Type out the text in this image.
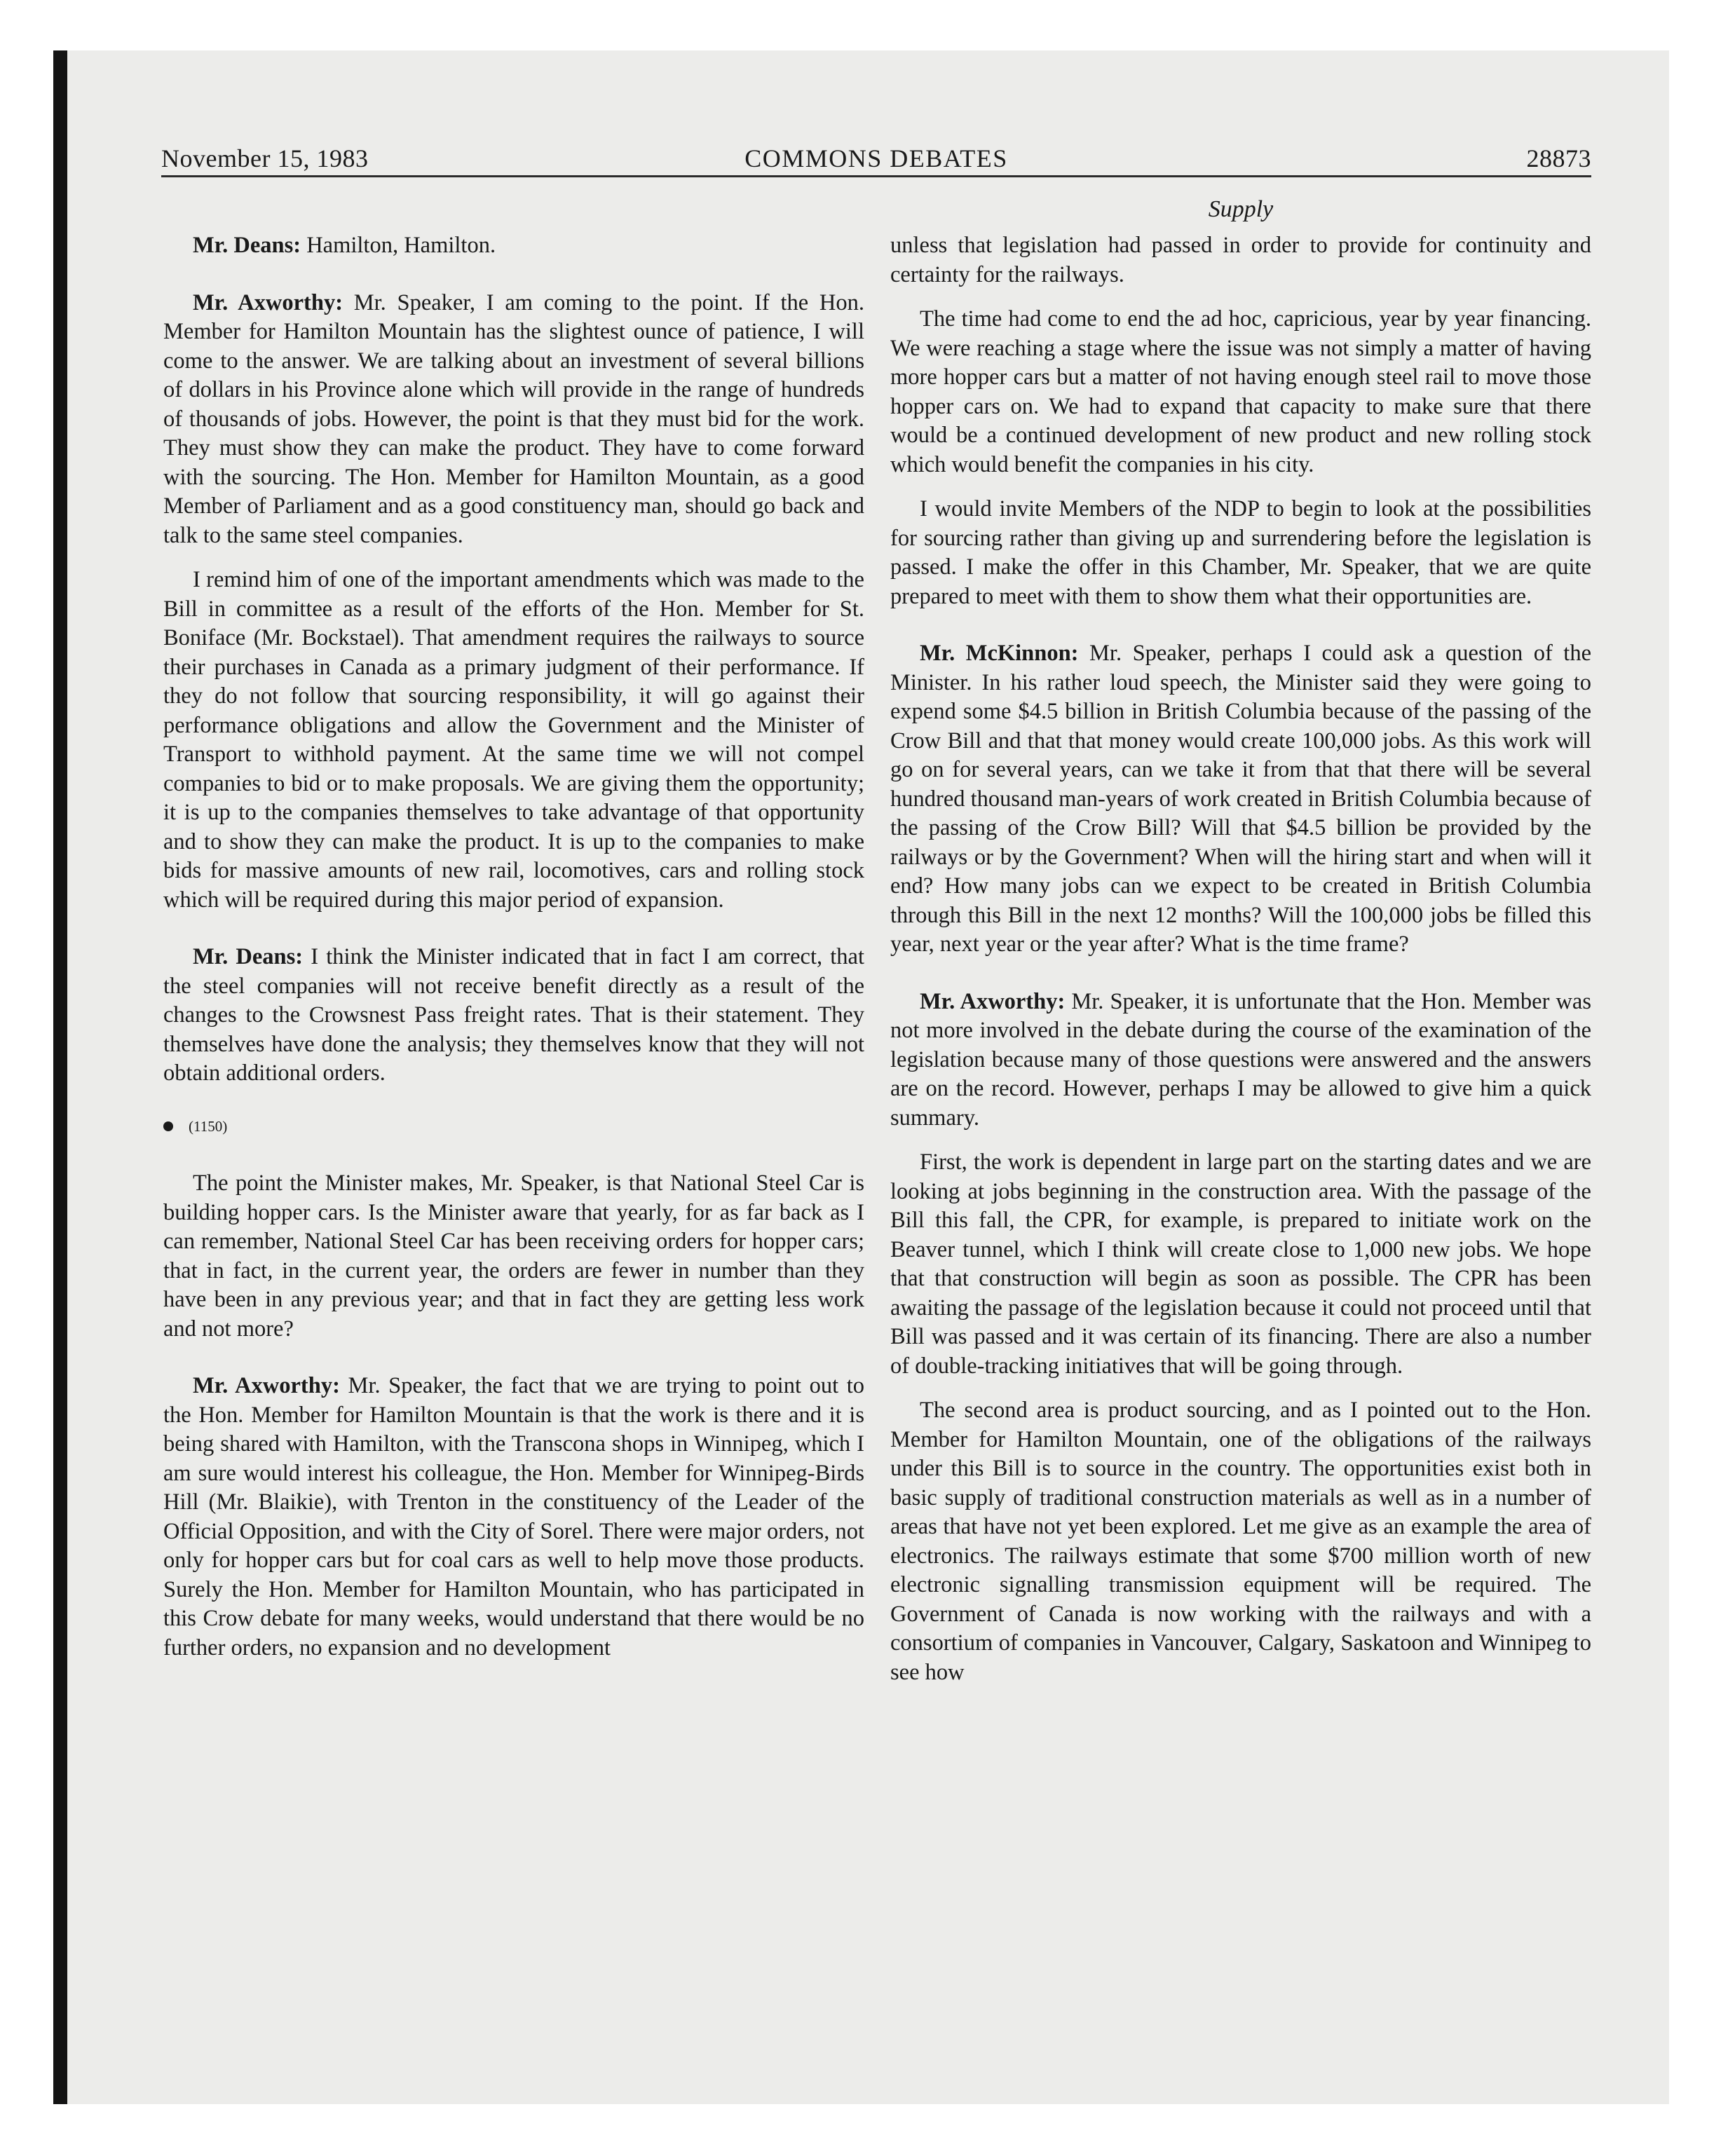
November 15, 1983	COMMONS DEBATES	28873
Supply

Mr. Deans: Hamilton, Hamilton.

Mr. Axworthy: Mr. Speaker, I am coming to the point. If the Hon. Member for Hamilton Mountain has the slightest ounce of patience, I will come to the answer. We are talking about an investment of several billions of dollars in his Province alone which will provide in the range of hundreds of thousands of jobs. However, the point is that they must bid for the work. They must show they can make the product. They have to come forward with the sourcing. The Hon. Member for Hamilton Mountain, as a good Member of Parliament and as a good constituency man, should go back and talk to the same steel companies.

I remind him of one of the important amendments which was made to the Bill in committee as a result of the efforts of the Hon. Member for St. Boniface (Mr. Bockstael). That amendment requires the railways to source their purchases in Canada as a primary judgment of their performance. If they do not follow that sourcing responsibility, it will go against their performance obligations and allow the Government and the Minister of Transport to withhold payment. At the same time we will not compel companies to bid or to make proposals. We are giving them the opportunity; it is up to the companies themselves to take advantage of that opportunity and to show they can make the product. It is up to the companies to make bids for massive amounts of new rail, locomotives, cars and rolling stock which will be required during this major period of expansion.

Mr. Deans: I think the Minister indicated that in fact I am correct, that the steel companies will not receive benefit directly as a result of the changes to the Crowsnest Pass freight rates. That is their statement. They themselves have done the analysis; they themselves know that they will not obtain additional orders.

(1150)

The point the Minister makes, Mr. Speaker, is that National Steel Car is building hopper cars. Is the Minister aware that yearly, for as far back as I can remember, National Steel Car has been receiving orders for hopper cars; that in fact, in the current year, the orders are fewer in number than they have been in any previous year; and that in fact they are getting less work and not more?

Mr. Axworthy: Mr. Speaker, the fact that we are trying to point out to the Hon. Member for Hamilton Mountain is that the work is there and it is being shared with Hamilton, with the Transcona shops in Winnipeg, which I am sure would interest his colleague, the Hon. Member for Winnipeg-Birds Hill (Mr. Blaikie), with Trenton in the constituency of the Leader of the Official Opposition, and with the City of Sorel. There were major orders, not only for hopper cars but for coal cars as well to help move those products. Surely the Hon. Member for Hamilton Mountain, who has participated in this Crow debate for many weeks, would understand that there would be no further orders, no expansion and no development

unless that legislation had passed in order to provide for continuity and certainty for the railways.

The time had come to end the ad hoc, capricious, year by year financing. We were reaching a stage where the issue was not simply a matter of having more hopper cars but a matter of not having enough steel rail to move those hopper cars on. We had to expand that capacity to make sure that there would be a continued development of new product and new rolling stock which would benefit the companies in his city.

I would invite Members of the NDP to begin to look at the possibilities for sourcing rather than giving up and surrendering before the legislation is passed. I make the offer in this Chamber, Mr. Speaker, that we are quite prepared to meet with them to show them what their opportunities are.

Mr. McKinnon: Mr. Speaker, perhaps I could ask a question of the Minister. In his rather loud speech, the Minister said they were going to expend some $4.5 billion in British Columbia because of the passing of the Crow Bill and that that money would create 100,000 jobs. As this work will go on for several years, can we take it from that that there will be several hundred thousand man-years of work created in British Columbia because of the passing of the Crow Bill? Will that $4.5 billion be provided by the railways or by the Government? When will the hiring start and when will it end? How many jobs can we expect to be created in British Columbia through this Bill in the next 12 months? Will the 100,000 jobs be filled this year, next year or the year after? What is the time frame?

Mr. Axworthy: Mr. Speaker, it is unfortunate that the Hon. Member was not more involved in the debate during the course of the examination of the legislation because many of those questions were answered and the answers are on the record. However, perhaps I may be allowed to give him a quick summary.

First, the work is dependent in large part on the starting dates and we are looking at jobs beginning in the construction area. With the passage of the Bill this fall, the CPR, for example, is prepared to initiate work on the Beaver tunnel, which I think will create close to 1,000 new jobs. We hope that that construction will begin as soon as possible. The CPR has been awaiting the passage of the legislation because it could not proceed until that Bill was passed and it was certain of its financing. There are also a number of double-tracking initiatives that will be going through.

The second area is product sourcing, and as I pointed out to the Hon. Member for Hamilton Mountain, one of the obligations of the railways under this Bill is to source in the country. The opportunities exist both in basic supply of traditional construction materials as well as in a number of areas that have not yet been explored. Let me give as an example the area of electronics. The railways estimate that some $700 million worth of new electronic signalling transmission equipment will be required. The Government of Canada is now working with the railways and with a consortium of companies in Vancouver, Calgary, Saskatoon and Winnipeg to see how
